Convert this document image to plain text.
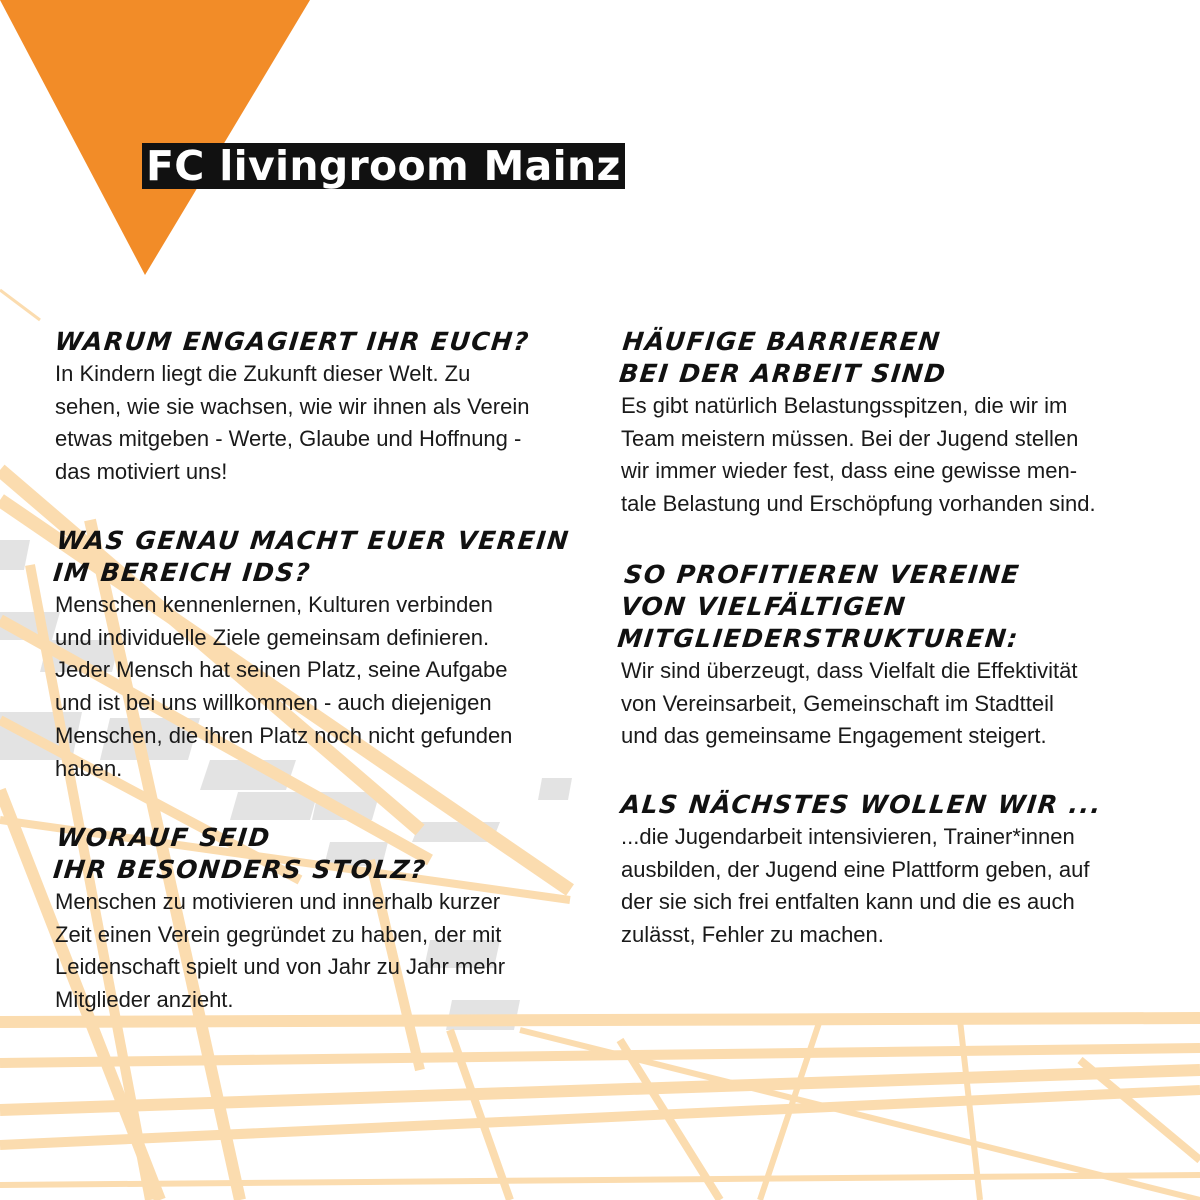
FC livingroom Mainz
WARUM ENGAGIERT IHR EUCH?

In Kindern liegt die Zukunft dieser Welt. Zu
sehen, wie sie wachsen, wie wir ihnen als Verein
etwas mitgeben - Werte, Glaube und Hoffnung -
das motiviert uns!

WAS GENAU MACHT EUER VEREIN
IM BEREICH IDS?

Menschen kennenlernen, Kulturen verbinden
und individuelle Ziele gemeinsam definieren.
Jeder Mensch hat seinen Platz, seine Aufgabe
und ist bei uns willkommen - auch diejenigen
Menschen, die ihren Platz noch nicht gefunden
haben.

WORAUF SEID
IHR BESONDERS STOLZ?

Menschen zu motivieren und innerhalb kurzer
Zeit einen Verein gegründet zu haben, der mit
Leidenschaft spielt und von Jahr zu Jahr mehr
Mitglieder anzieht.

HÄUFIGE BARRIEREN
BEI DER ARBEIT SIND

Es gibt natürlich Belastungsspitzen, die wir im
Team meistern müssen. Bei der Jugend stellen
wir immer wieder fest, dass eine gewisse men-
tale Belastung und Erschöpfung vorhanden sind.

SO PROFITIEREN VEREINE
VON VIELFÄLTIGEN
MITGLIEDERSTRUKTUREN:

Wir sind überzeugt, dass Vielfalt die Effektivität
von Vereinsarbeit, Gemeinschaft im Stadtteil
und das gemeinsame Engagement steigert.

ALS NÄCHSTES WOLLEN WIR ...

...die Jugendarbeit intensivieren, Trainer*innen
ausbilden, der Jugend eine Plattform geben, auf
der sie sich frei entfalten kann und die es auch
zulässt, Fehler zu machen.
